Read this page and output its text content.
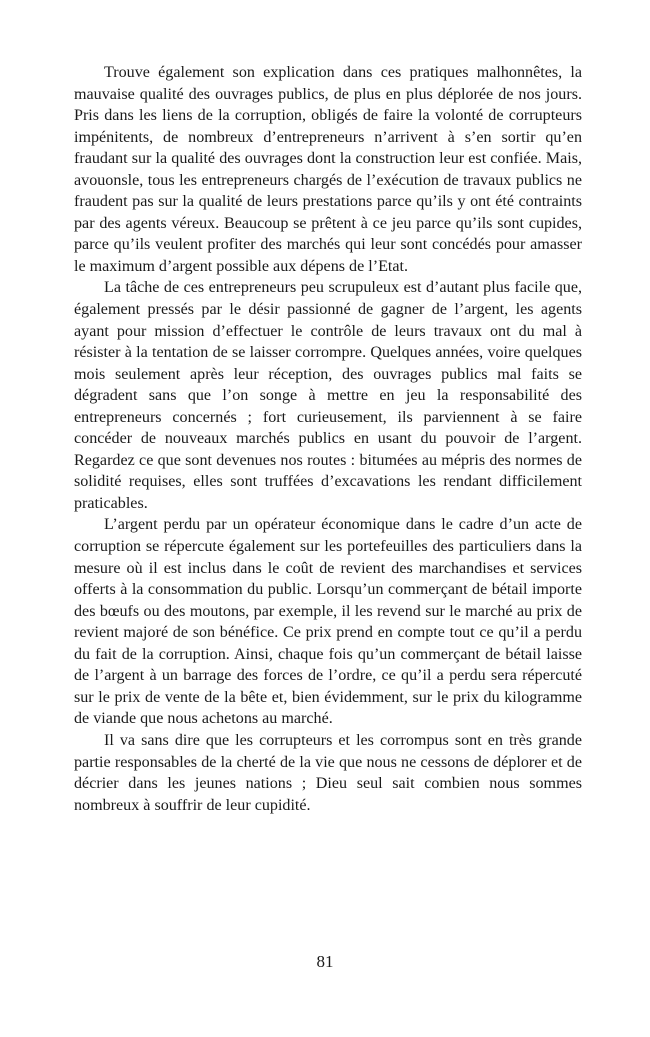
Trouve également son explication dans ces pratiques malhonnêtes, la mauvaise qualité des ouvrages publics, de plus en plus déplorée de nos jours. Pris dans les liens de la corruption, obligés de faire la volonté de corrupteurs impénitents, de nombreux d’entrepreneurs n’arrivent à s’en sortir qu’en fraudant sur la qualité des ouvrages dont la construction leur est confiée. Mais, avouonsle, tous les entrepreneurs chargés de l’exécution de travaux publics ne fraudent pas sur la qualité de leurs prestations parce qu’ils y ont été contraints par des agents véreux. Beaucoup se prêtent à ce jeu parce qu’ils sont cupides, parce qu’ils veulent profiter des marchés qui leur sont concédés pour amasser le maximum d’argent possible aux dépens de l’Etat.

La tâche de ces entrepreneurs peu scrupuleux est d’autant plus facile que, également pressés par le désir passionné de gagner de l’argent, les agents ayant pour mission d’effectuer le contrôle de leurs travaux ont du mal à résister à la tentation de se laisser corrompre. Quelques années, voire quelques mois seulement après leur réception, des ouvrages publics mal faits se dégradent sans que l’on songe à mettre en jeu la responsabilité des entrepreneurs concernés ; fort curieusement, ils parviennent à se faire concéder de nouveaux marchés publics en usant du pouvoir de l’argent. Regardez ce que sont devenues nos routes : bitumées au mépris des normes de solidité requises, elles sont truffées d’excavations les rendant difficilement praticables.

L’argent perdu par un opérateur économique dans le cadre d’un acte de corruption se répercute également sur les portefeuilles des particuliers dans la mesure où il est inclus dans le coût de revient des marchandises et services offerts à la consommation du public. Lorsqu’un commerçant de bétail importe des bœufs ou des moutons, par exemple, il les revend sur le marché au prix de revient majoré de son bénéfice. Ce prix prend en compte tout ce qu’il a perdu du fait de la corruption. Ainsi, chaque fois qu’un commerçant de bétail laisse de l’argent à un barrage des forces de l’ordre, ce qu’il a perdu sera répercuté sur le prix de vente de la bête et, bien évidemment, sur le prix du kilogramme de viande que nous achetons au marché.

Il va sans dire que les corrupteurs et les corrompus sont en très grande partie responsables de la cherté de la vie que nous ne cessons de déplorer et de décrier dans les jeunes nations ; Dieu seul sait combien nous sommes nombreux à souffrir de leur cupidité.

81
